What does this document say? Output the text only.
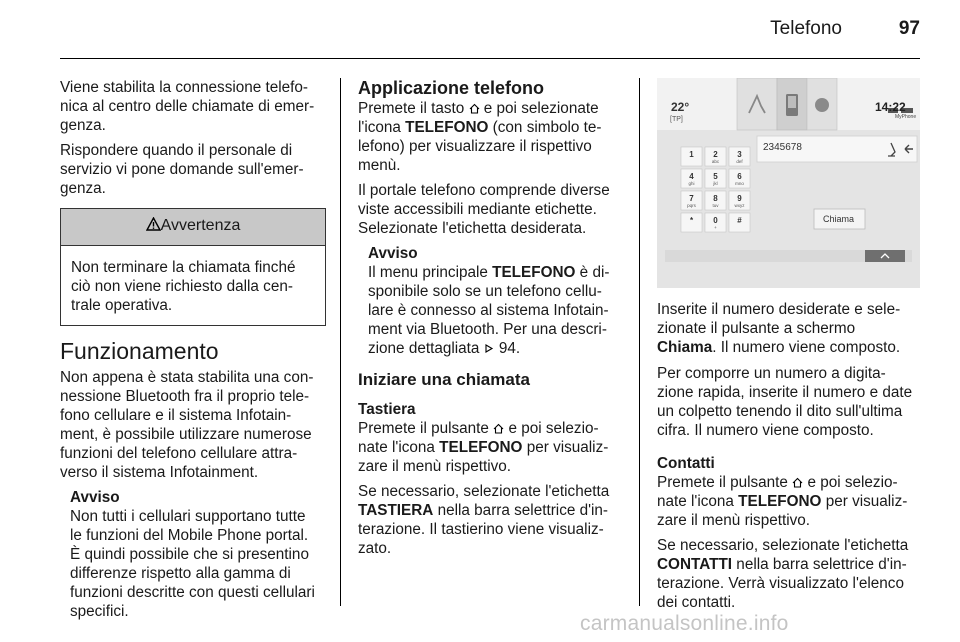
Telefono	97

Viene stabilita la connessione telefo-
nica al centro delle chiamate di emer-
genza.

Rispondere quando il personale di
servizio vi pone domande sull'emer-
genza.

Avvertenza
Non terminare la chiamata finché
ciò non viene richiesto dalla cen-
trale operativa.
Funzionamento

Non appena è stata stabilita una con-
nessione Bluetooth fra il proprio tele-
fono cellulare e il sistema Infotain-
ment, è possibile utilizzare numerose
funzioni del telefono cellulare attra-
verso il sistema Infotainment.

Avviso
Non tutti i cellulari supportano tutte
le funzioni del Mobile Phone portal.
È quindi possibile che si presentino
differenze rispetto alla gamma di
funzioni descritte con questi cellulari
specifici.
Applicazione telefono

Premete il tasto  e poi selezionate
l'icona TELEFONO (con simbolo te-
lefono) per visualizzare il rispettivo
menù.

Il portale telefono comprende diverse
viste accessibili mediante etichette.
Selezionate l'etichetta desiderata.

Avviso
Il menu principale TELEFONO è di-
sponibile solo se un telefono cellu-
lare è connesso al sistema Infotain-
ment via Bluetooth. Per una descri-
zione dettagliata  94.
Iniziare una chiamata
Tastiera

Premete il pulsante  e poi selezio-
nate l'icona TELEFONO per visualiz-
zare il menù rispettivo.

Se necessario, selezionate l'etichetta
TASTIERA nella barra selettrice d'in-
terazione. Il tastierino viene visualiz-
zato.

1 2
abc
3
def
4
ghi
5
jkl
6
mno
7
pqrs
8
tuv
9
wxyz
*	0
+
#
22°
[TP]
14:22
MyPhone
2345678
Chiama

Inserite il numero desiderate e sele-
zionate il pulsante a schermo
Chiama. Il numero viene composto.

Per comporre un numero a digita-
zione rapida, inserite il numero e date
un colpetto tenendo il dito sull'ultima
cifra. Il numero viene composto.

Contatti

Premete il pulsante  e poi selezio-
nate l'icona TELEFONO per visualiz-
zare il menù rispettivo.

Se necessario, selezionate l'etichetta
CONTATTI nella barra selettrice d'in-
terazione. Verrà visualizzato l'elenco
dei contatti.

carmanualsonline.info
